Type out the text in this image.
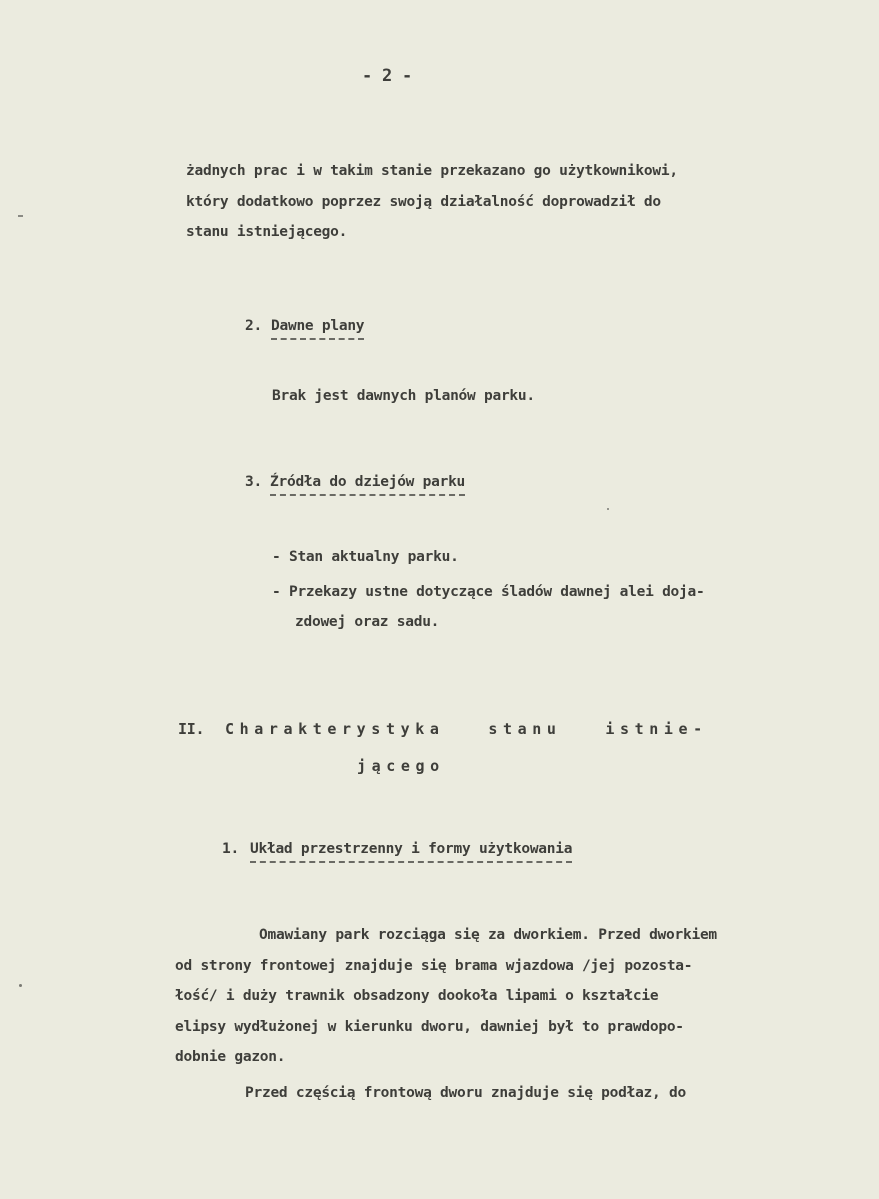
- 2 -
żadnych prac i w takim stanie przekazano go użytkownikowi,
który dodatkowo poprzez swoją działalność doprowadził do
stanu istniejącego.
2. Dawne plany
Brak jest dawnych planów parku.
3. Źródła do dziejów parku
- Stan aktualny parku.
- Przekazy ustne dotyczące śladów dawnej alei doja-
zdowej oraz sadu.
II. Charakterystyka   stanu   istnie-
jącego
1. Układ przestrzenny i formy użytkowania
Omawiany park rozciąga się za dworkiem. Przed dworkiem
od strony frontowej znajduje się brama wjazdowa /jej pozosta-
łość/ i duży trawnik obsadzony dookoła lipami o kształcie
elipsy wydłużonej w kierunku dworu, dawniej był to prawdopo-
dobnie gazon.
Przed częścią frontową dworu znajduje się podłaz, do
